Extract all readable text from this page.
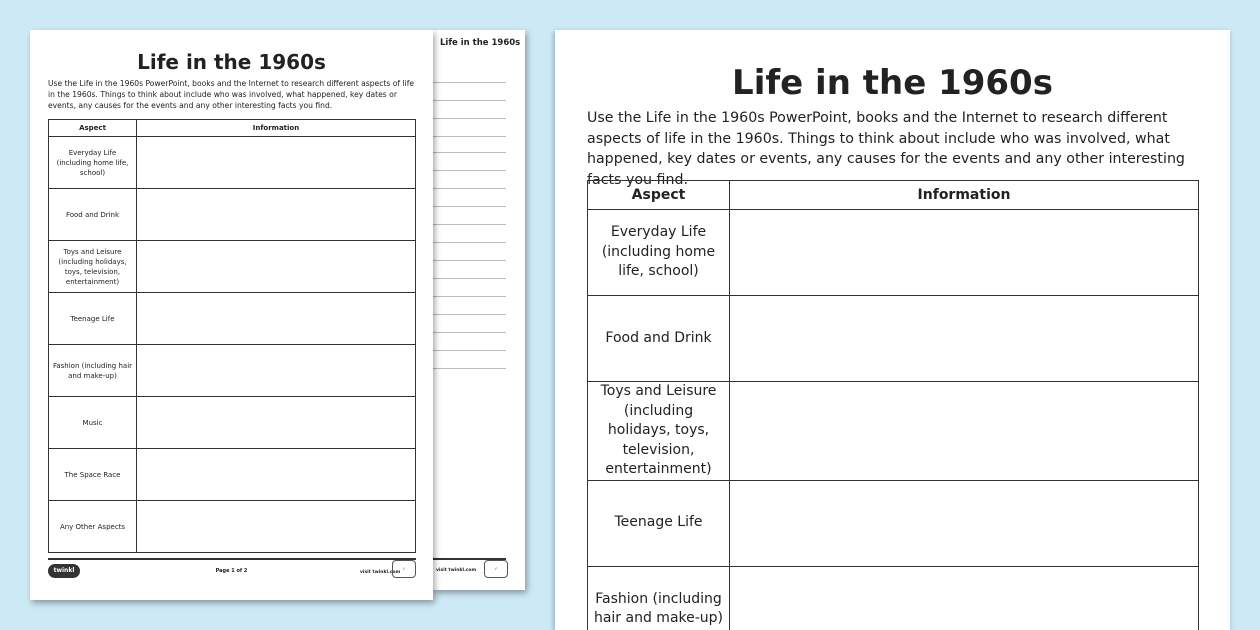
Life in the 1960s
visit twinkl.com	✓
Life in the 1960s
Use the Life in the 1960s PowerPoint, books and the Internet to research different aspects of life in the 1960s. Things to think about include who was involved, what happened, key dates or events, any causes for the events and any other interesting facts you find.
Aspect	Information
Everyday Life (including home life, school)	
Food and Drink	
Toys and Leisure (including holidays, toys, television, entertainment)	
Teenage Life	
Fashion (including hair and make-up)	
Music	
The Space Race	
Any Other Aspects	
twinkl	Page 1 of 2	visit twinkl.com
✓
Life in the 1960s
Use the Life in the 1960s PowerPoint, books and the Internet to research different aspects of life in the 1960s. Things to think about include who was involved, what happened, key dates or events, any causes for the events and any other interesting facts you find.
Aspect	Information
Everyday Life (including home life, school)	
Food and Drink	
Toys and Leisure (including holidays, toys, television, entertainment)	
Teenage Life	
Fashion (including hair and make-up)	
